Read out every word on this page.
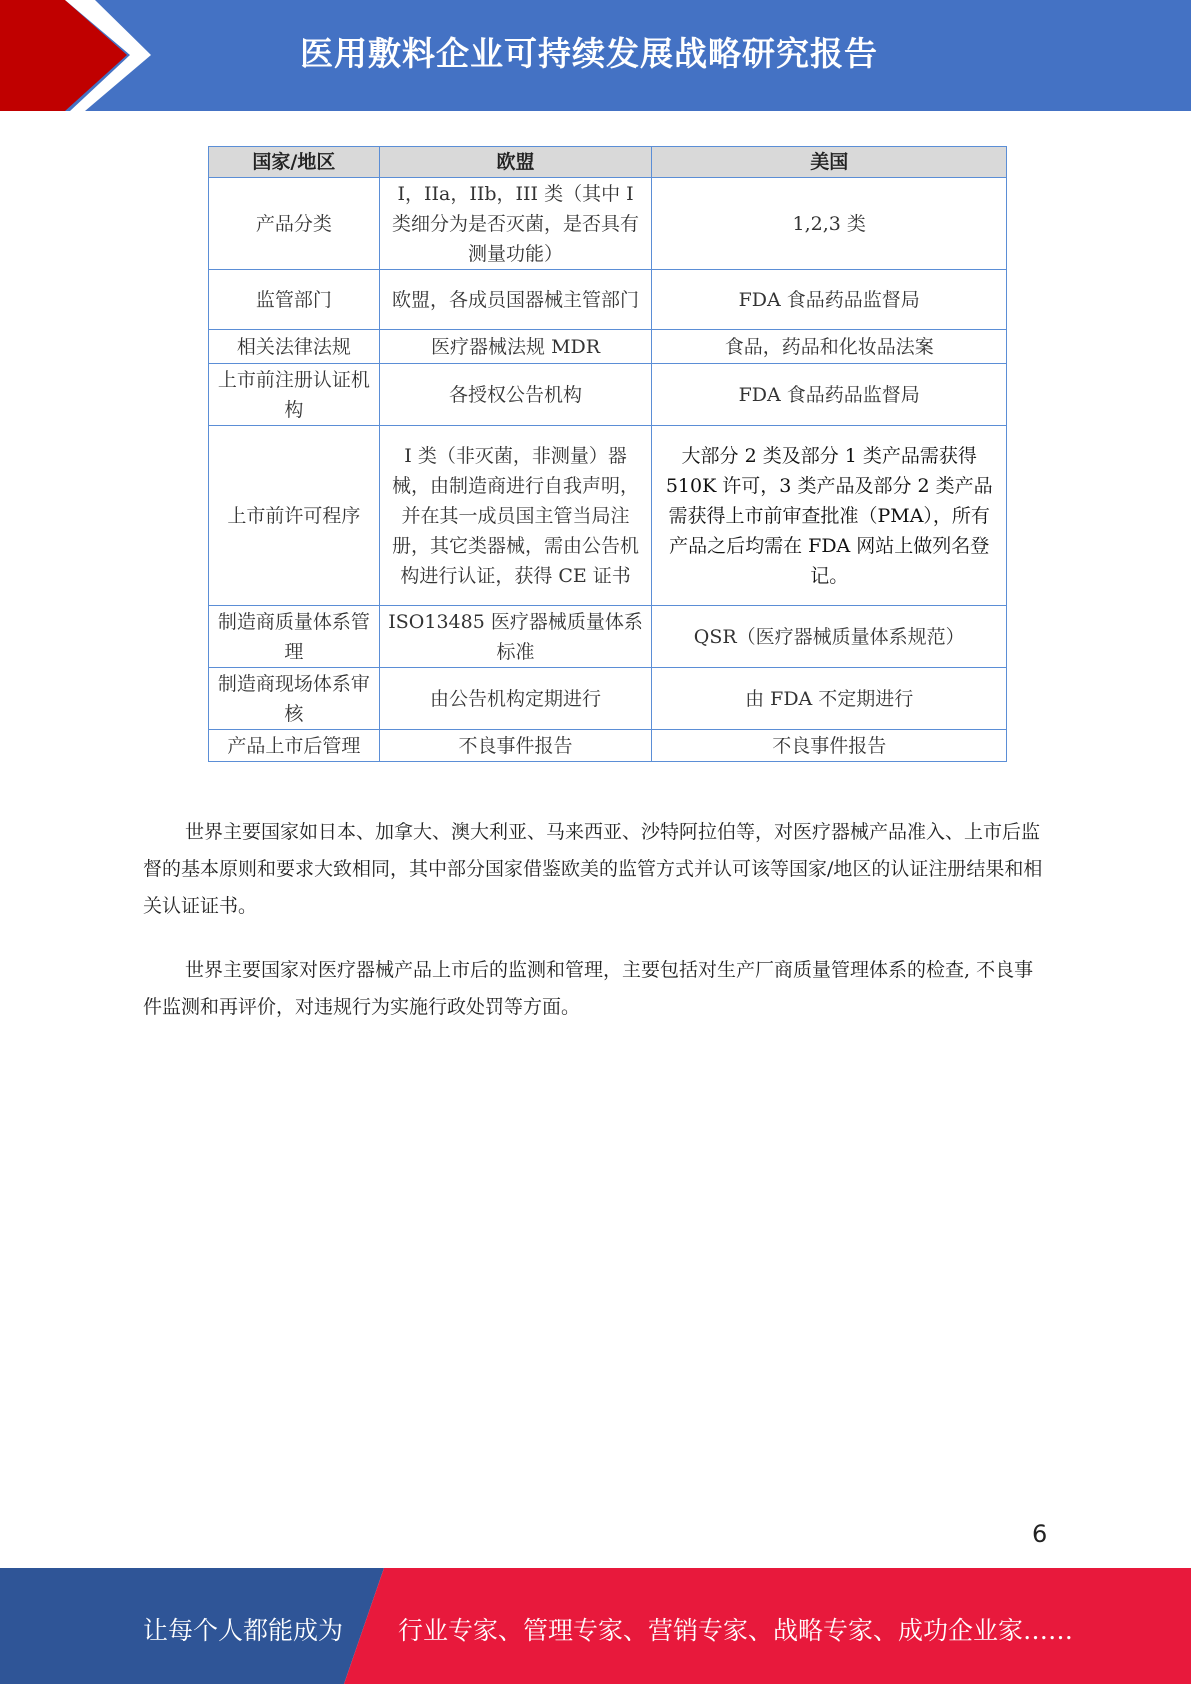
医用敷料企业可持续发展战略研究报告
国家/地区	欧盟	美国
产品分类	I，IIa，IIb，III 类（其中 I 类细分为是否灭菌，是否具有测量功能）	1,2,3 类
监管部门	欧盟，各成员国器械主管部门	FDA 食品药品监督局
相关法律法规	医疗器械法规 MDR	食品，药品和化妆品法案
上市前注册认证机构	各授权公告机构	FDA 食品药品监督局
上市前许可程序	I 类（非灭菌，非测量）器械，由制造商进行自我声明，并在其一成员国主管当局注册，其它类器械，需由公告机构进行认证，获得 CE 证书	大部分 2 类及部分 1 类产品需获得 510K 许可，3 类产品及部分 2 类产品需获得上市前审查批准（PMA），所有产品之后均需在 FDA 网站上做列名登记。
制造商质量体系管理	ISO13485 医疗器械质量体系标准	QSR（医疗器械质量体系规范）
制造商现场体系审核	由公告机构定期进行	由 FDA 不定期进行
产品上市后管理	不良事件报告	不良事件报告

世界主要国家如日本、加拿大、澳大利亚、马来西亚、沙特阿拉伯等，对医疗器械产品准入、上市后监督的基本原则和要求大致相同，其中部分国家借鉴欧美的监管方式并认可该等国家/地区的认证注册结果和相关认证证书。

世界主要国家对医疗器械产品上市后的监测和管理，主要包括对生产厂商质量管理体系的检查, 不良事件监测和再评价，对违规行为实施行政处罚等方面。

6
让每个人都能成为 行业专家、管理专家、营销专家、战略专家、成功企业家……
